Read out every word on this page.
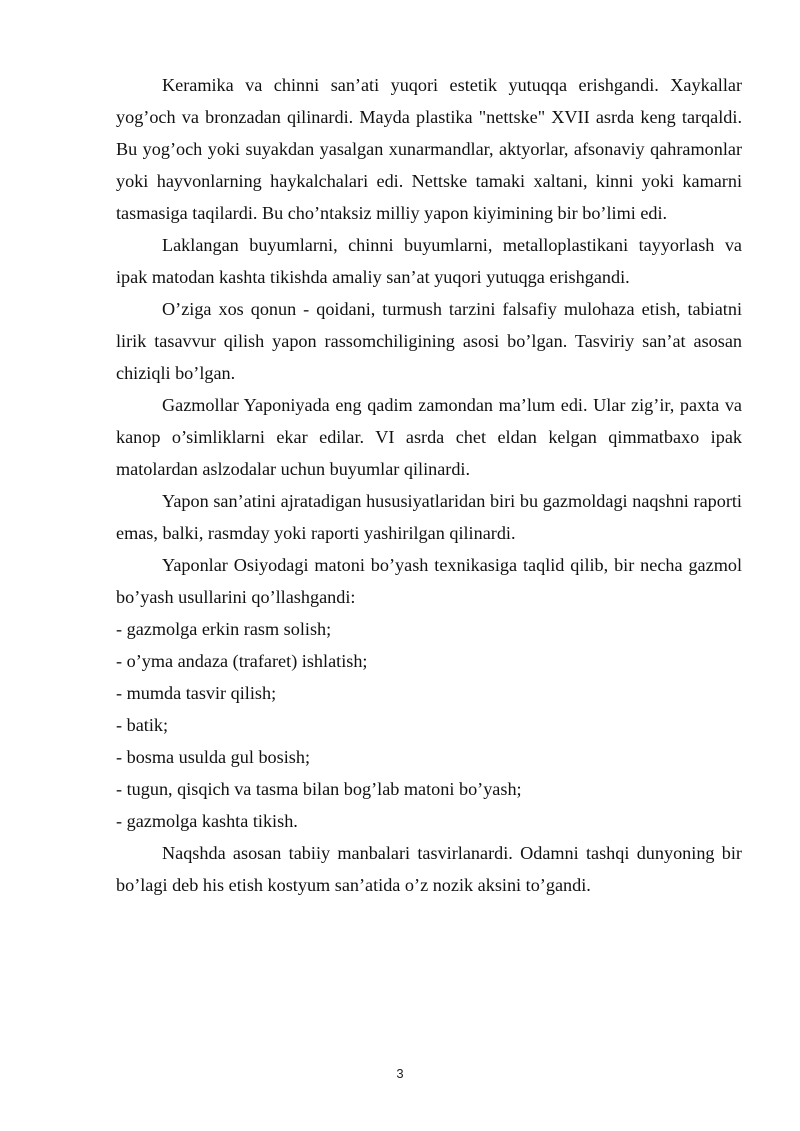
Keramika va chinni san’ati yuqori estetik yutuqqa erishgandi. Xaykallar yog’och va bronzadan qilinardi. Mayda plastika "nettske" XVII asrda keng tarqaldi. Bu yog’och yoki suyakdan yasalgan xunarmandlar, aktyorlar, afsonaviy qahramonlar yoki hayvonlarning haykalchalari edi. Nettske tamaki xaltani, kinni yoki kamarni tasmasiga taqilardi. Bu cho’ntaksiz milliy yapon kiyimining bir bo’limi edi.

Laklangan buyumlarni, chinni buyumlarni, metalloplastikani tayyorlash va ipak matodan kashta tikishda amaliy san’at yuqori yutuqga erishgandi.

O’ziga xos qonun - qoidani, turmush tarzini falsafiy mulohaza etish, tabiatni lirik tasavvur qilish yapon rassomchiligining asosi bo’lgan. Tasviriy san’at asosan chiziqli bo’lgan.

Gazmollar Yaponiyada eng qadim zamondan ma’lum edi. Ular zig’ir, paxta va kanop o’simliklarni ekar edilar. VI asrda chet eldan kelgan qimmatbaxo ipak matolardan aslzodalar uchun buyumlar qilinardi.

Yapon san’atini ajratadigan hususiyatlaridan biri bu gazmoldagi naqshni raporti emas, balki, rasmday yoki raporti yashirilgan qilinardi.

Yaponlar Osiyodagi matoni bo’yash texnikasiga taqlid qilib, bir necha gazmol bo’yash usullarini qo’llashgandi:

- gazmolga erkin rasm solish;
- o’yma andaza (trafaret) ishlatish;
- mumda tasvir qilish;
- batik;
- bosma usulda gul bosish;
- tugun, qisqich va tasma bilan bog’lab matoni bo’yash;
- gazmolga kashta tikish.

Naqshda asosan tabiiy manbalari tasvirlanardi. Odamni tashqi dunyoning bir bo’lagi deb his etish kostyum san’atida o’z nozik aksini to’gandi.

3
